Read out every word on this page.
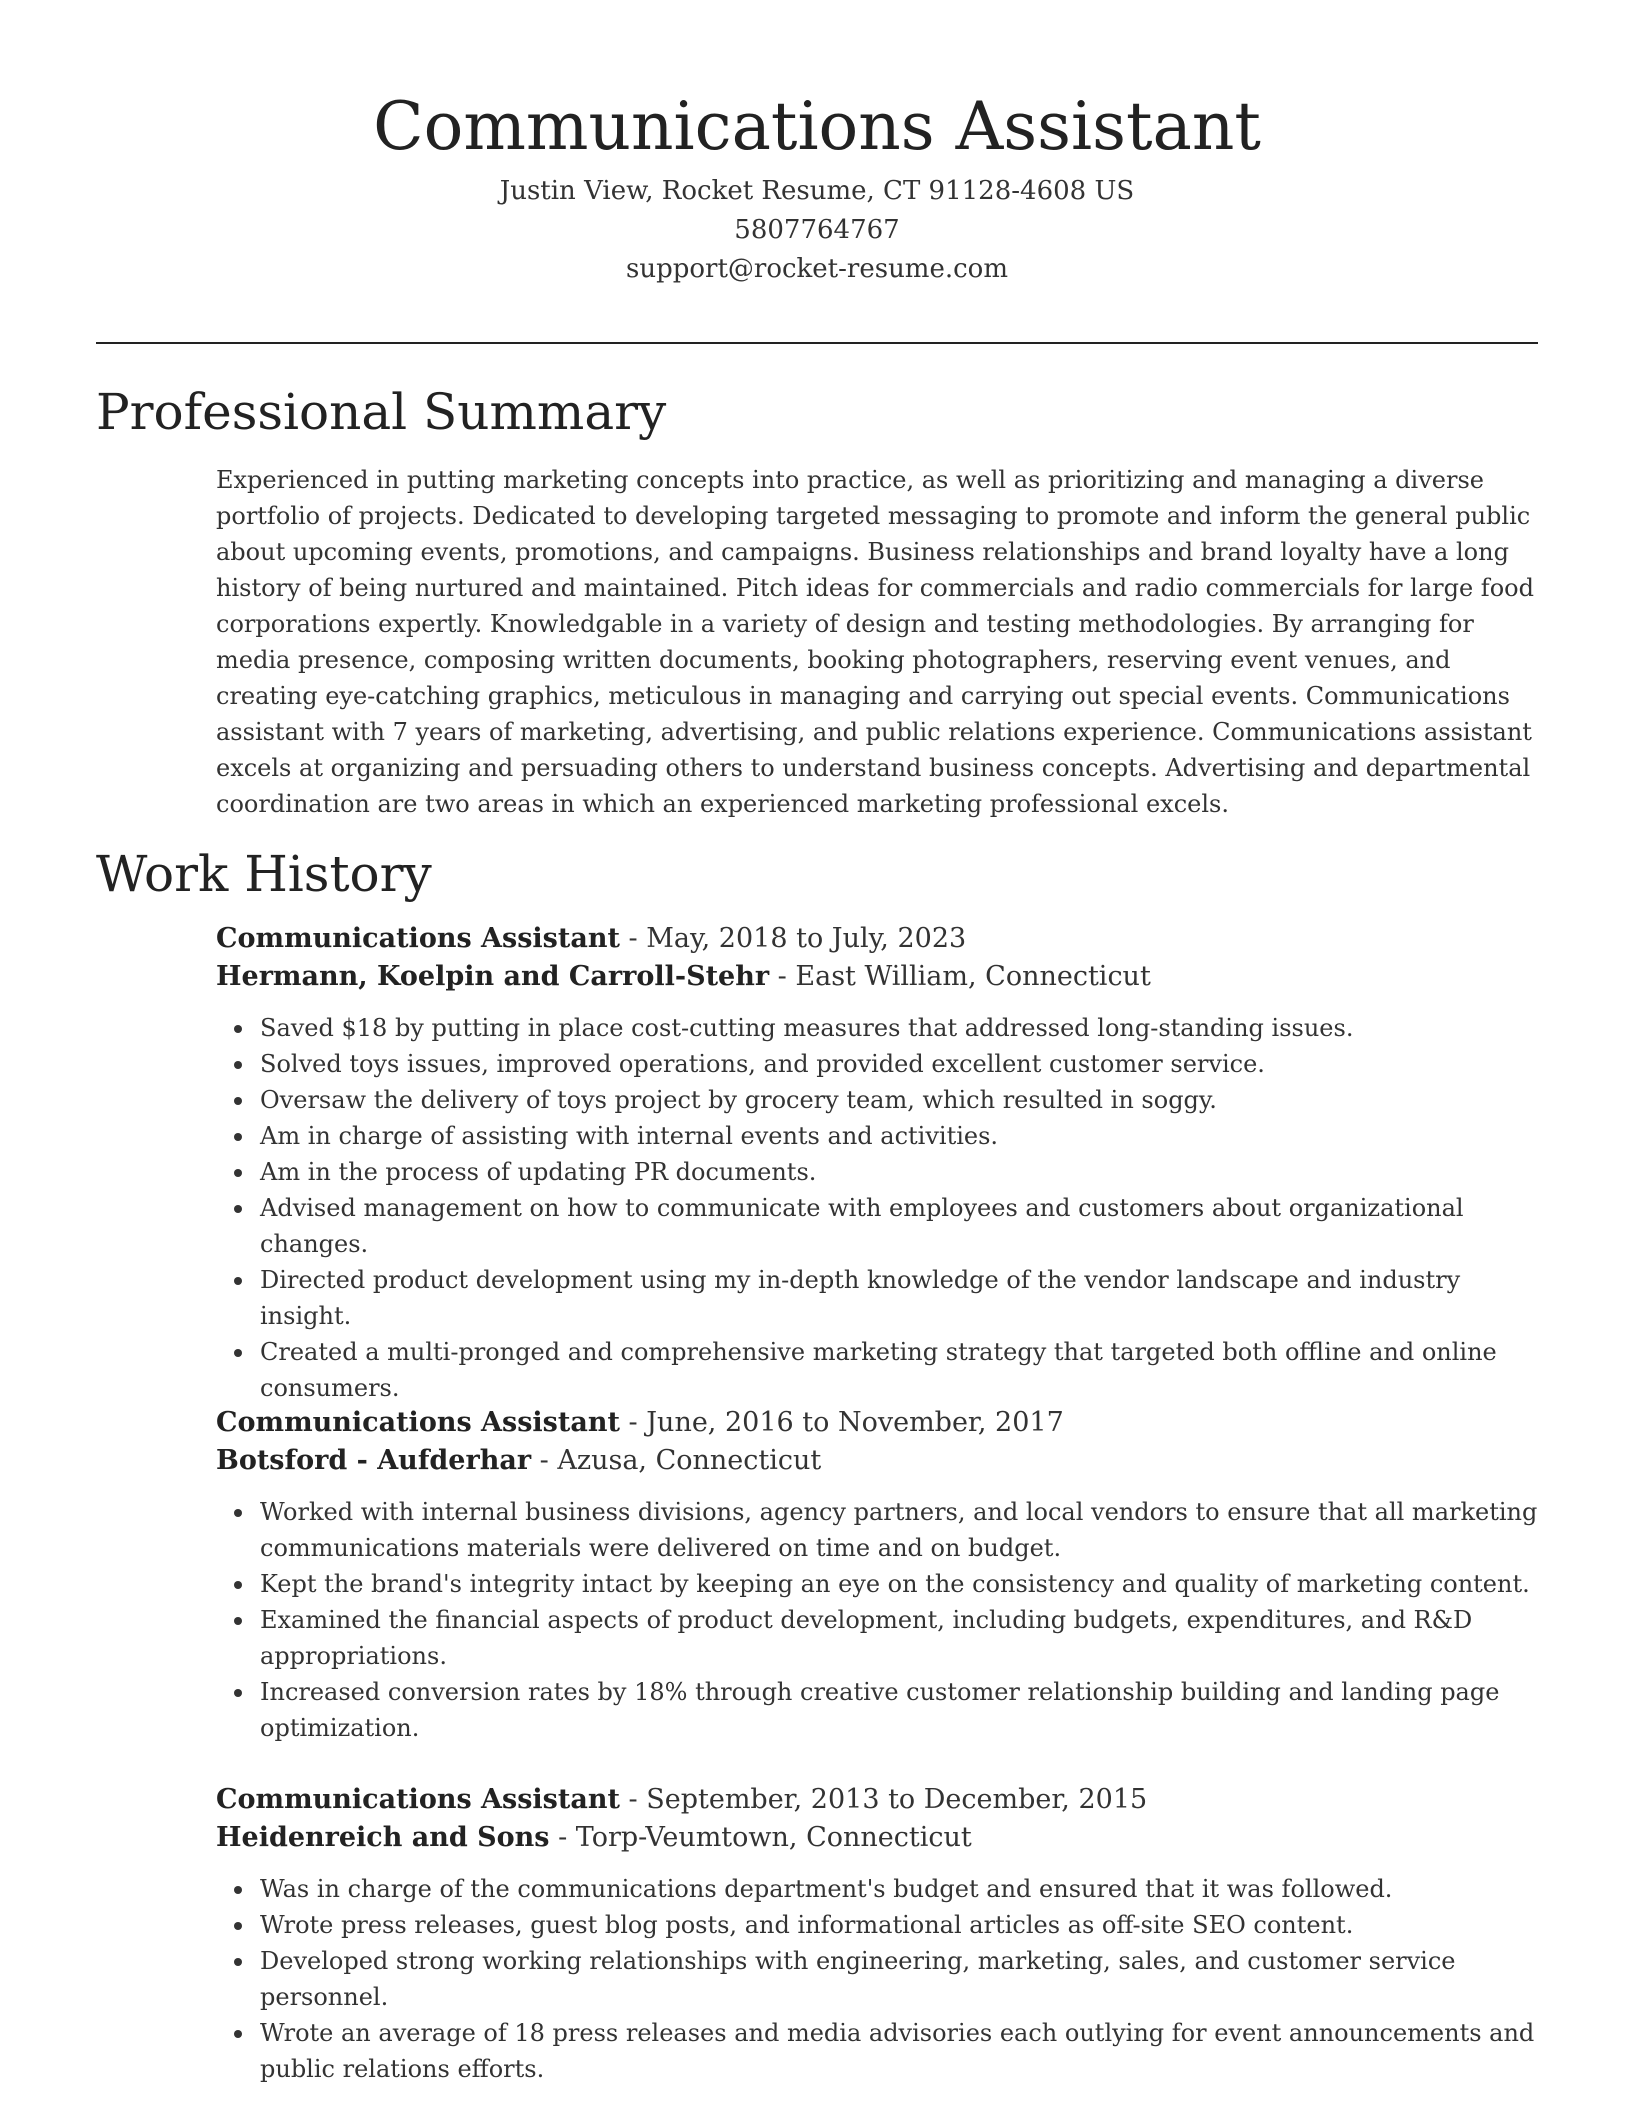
Communications Assistant
Justin View, Rocket Resume, CT 91128-4608 US
5807764767
support@rocket-resume.com
Professional Summary

Experienced in putting marketing concepts into practice, as well as prioritizing and managing a diverse portfolio of projects. Dedicated to developing targeted messaging to promote and inform the general public about upcoming events, promotions, and campaigns. Business relationships and brand loyalty have a long history of being nurtured and maintained. Pitch ideas for commercials and radio commercials for large food corporations expertly. Knowledgable in a variety of design and testing methodologies. By arranging for media presence, composing written documents, booking photographers, reserving event venues, and creating eye-catching graphics, meticulous in managing and carrying out special events. Communications assistant with 7 years of marketing, advertising, and public relations experience. Communications assistant excels at organizing and persuading others to understand business concepts. Advertising and departmental coordination are two areas in which an experienced marketing professional excels.

Work History
Communications Assistant - May, 2018 to July, 2023
Hermann, Koelpin and Carroll-Stehr - East William, Connecticut
Saved $18 by putting in place cost-cutting measures that addressed long-standing issues.
Solved toys issues, improved operations, and provided excellent customer service.
Oversaw the delivery of toys project by grocery team, which resulted in soggy.
Am in charge of assisting with internal events and activities.
Am in the process of updating PR documents.
Advised management on how to communicate with employees and customers about organizational changes.
Directed product development using my in-depth knowledge of the vendor landscape and industry insight.
Created a multi-pronged and comprehensive marketing strategy that targeted both offline and online consumers.
Communications Assistant - June, 2016 to November, 2017
Botsford - Aufderhar - Azusa, Connecticut
Worked with internal business divisions, agency partners, and local vendors to ensure that all marketing communications materials were delivered on time and on budget.
Kept the brand's integrity intact by keeping an eye on the consistency and quality of marketing content.
Examined the financial aspects of product development, including budgets, expenditures, and R&D appropriations.
Increased conversion rates by 18% through creative customer relationship building and landing page optimization.
Communications Assistant - September, 2013 to December, 2015
Heidenreich and Sons - Torp-Veumtown, Connecticut
Was in charge of the communications department's budget and ensured that it was followed.
Wrote press releases, guest blog posts, and informational articles as off-site SEO content.
Developed strong working relationships with engineering, marketing, sales, and customer service personnel.
Wrote an average of 18 press releases and media advisories each outlying for event announcements and public relations efforts.
